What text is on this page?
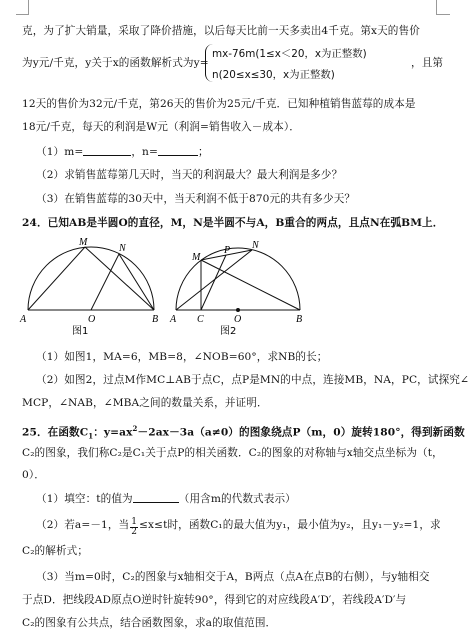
克，为了扩大销量，采取了降价措施，以后每天比前一天多卖出4千克。第x天的售价
为y元/千克，y关于x的函数解析式为y=
mx-76m(1≤x＜20，x为正整数)
n(20≤x≤30，x为正整数)
，且第
12天的售价为32元/千克，第26天的售价为25元/千克．已知种植销售蓝莓的成本是
18元/千克，每天的利润是W元（利润=销售收入－成本）．
（1）m=	，n=	；
（2）求销售蓝莓第几天时，当天的利润最大？最大利润是多少？
（3）在销售蓝莓的30天中，当天利润不低于870元的共有多少天？
24．已知AB是半圆O的直径，M，N是半圆不与A，B重合的两点，且点N在弧BM上．
M
N
A	O	B
图1
M
N
P
A C	O	B
图2
（1）如图1，MA=6，MB=8，∠NOB=60°，求NB的长；
（2）如图2，过点M作MC⊥AB于点C，点P是MN的中点，连接MB，NA，PC，试探究∠
MCP，∠NAB，∠MBA之间的数量关系，并证明．
25．在函数$C_1$：$y=ax^2-2ax-3a(a\ne 0)$的图象绕点P（m，0）旋转180°，得到新函数
C₂的图象，我们称C₂是C₁关于点P的相关函数．C₂的图象的对称轴与x轴交点坐标为（t，
0）．
（1）填空：t的值为	（用含m的代数式表示）
（2）若a=－1，当 $\frac{1}{2} \le x\le t$时，函数C₁的最大值为y₁，最小值为y₂，且y₁－y₂=1，求
C₂的解析式；
（3）当m=0时，C₂的图象与x轴相交于A，B两点（点A在点B的右侧），与y轴相交
于点D．把线段AD原点O逆时针旋转90°，得到它的对应线段A′D′，若线段A′D′与
C₂的图象有公共点，结合函数图象，求a的取值范围．
